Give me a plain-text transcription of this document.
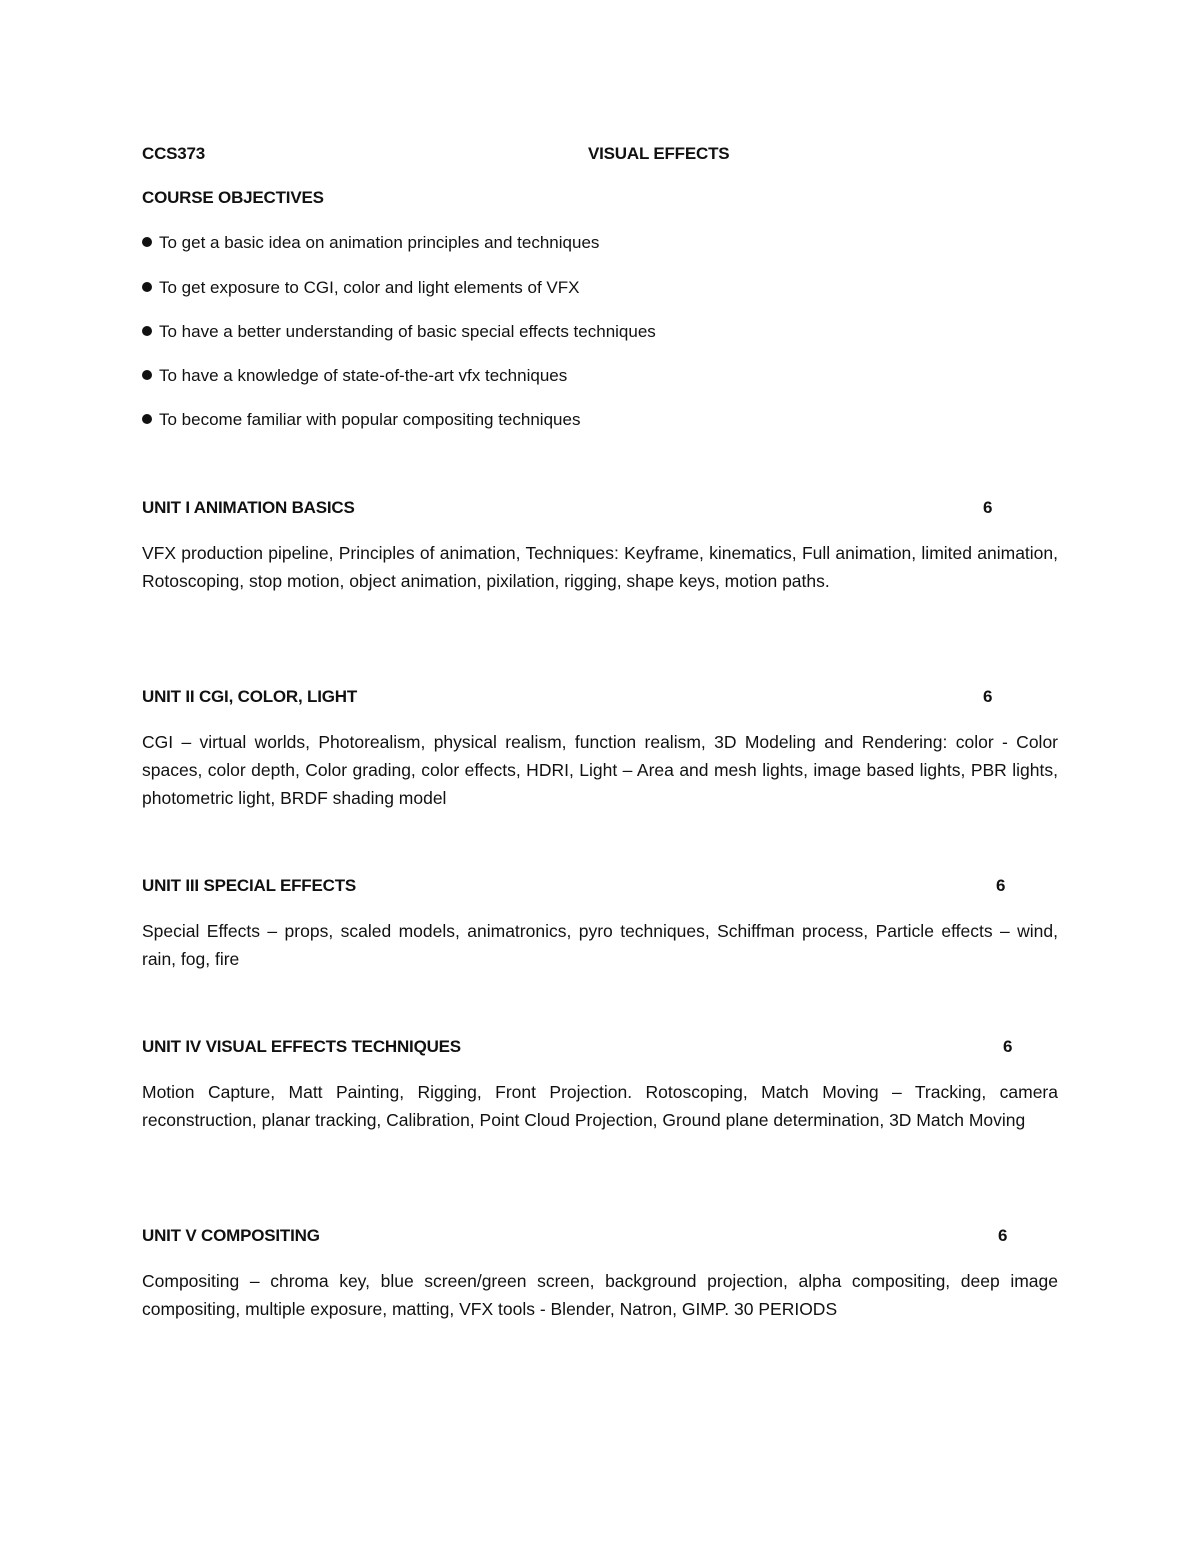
CCS373	VISUAL EFFECTS
COURSE OBJECTIVES
To get a basic idea on animation principles and techniques
To get exposure to CGI, color and light elements of VFX
To have a better understanding of basic special effects techniques
To have a knowledge of state-of-the-art vfx techniques
To become familiar with popular compositing techniques
UNIT I ANIMATION BASICS	6
VFX production pipeline, Principles of animation, Techniques: Keyframe, kinematics, Full animation, limited animation, Rotoscoping, stop motion, object animation, pixilation, rigging, shape keys, motion paths.
UNIT II CGI, COLOR, LIGHT	6
CGI – virtual worlds, Photorealism, physical realism, function realism, 3D Modeling and Rendering: color - Color spaces, color depth, Color grading, color effects, HDRI, Light – Area and mesh lights, image based lights, PBR lights, photometric light, BRDF shading model
UNIT III SPECIAL EFFECTS	6
Special Effects – props, scaled models, animatronics, pyro techniques, Schiffman process, Particle effects – wind, rain, fog, fire
UNIT IV VISUAL EFFECTS TECHNIQUES	6
Motion Capture, Matt Painting, Rigging, Front Projection. Rotoscoping, Match Moving – Tracking, camera reconstruction, planar tracking, Calibration, Point Cloud Projection, Ground plane determination, 3D Match Moving
UNIT V COMPOSITING	6
Compositing – chroma key, blue screen/green screen, background projection, alpha compositing, deep image compositing, multiple exposure, matting, VFX tools - Blender, Natron, GIMP. 30 PERIODS
